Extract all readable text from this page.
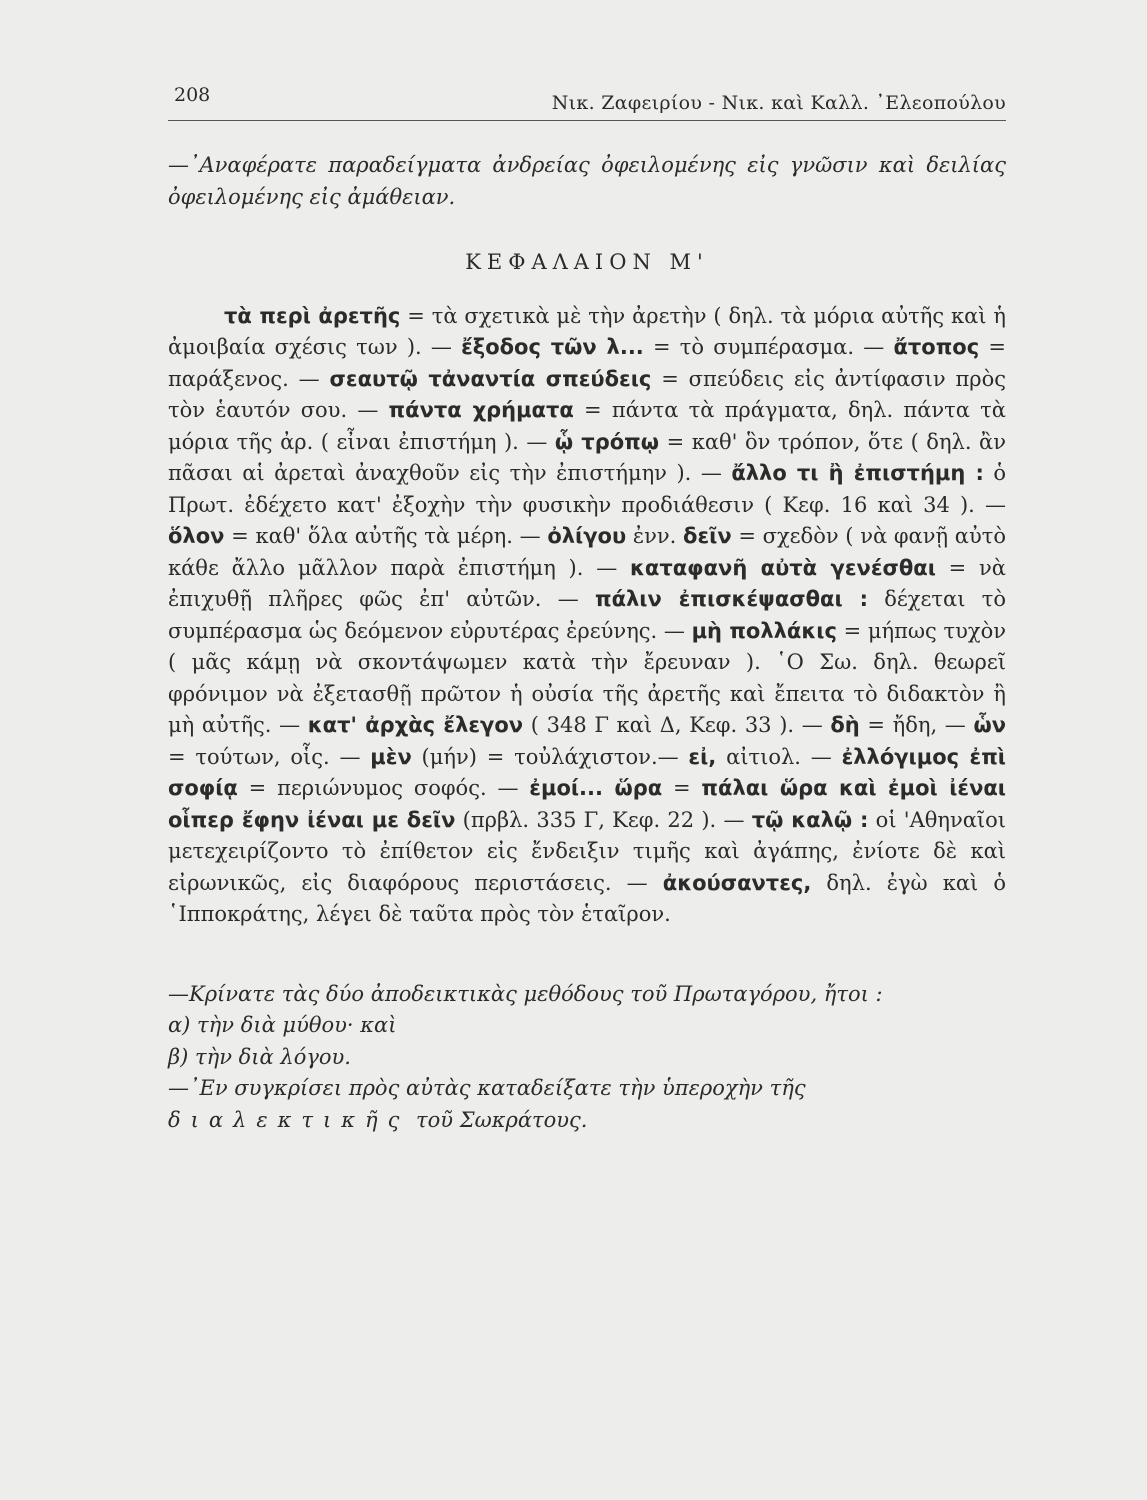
208	Νικ. Ζαφειρίου - Νικ. καὶ Καλλ. ᾿Ελεοπούλου

—᾿Αναφέρατε παραδείγματα ἀνδρείας ὀφειλομένης εἰς γνῶσιν καὶ δειλίας ὀφειλομένης εἰς ἀμάθειαν.

ΚΕΦΑΛΑΙΟΝ Μ'

τὰ περὶ ἀρετῆς = τὰ σχετικὰ μὲ τὴν ἀρετὴν ( δηλ. τὰ μόρια αὐτῆς καὶ ἡ ἀμοιβαία σχέσις των ). — ἔξοδος τῶν λ... = τὸ συμπέρασμα. — ἄτοπος = παράξενος. — σεαυτῷ τἀναντία σπεύδεις = σπεύδεις εἰς ἀντίφασιν πρὸς τὸν ἑαυτόν σου. — πάντα χρήματα = πάντα τὰ πράγματα, δηλ. πάντα τὰ μόρια τῆς ἀρ. ( εἶναι ἐπιστήμη ). — ᾧ τρόπῳ = καθ' ὃν τρόπον, ὅτε ( δηλ. ἂν πᾶσαι αἱ ἀρεταὶ ἀναχθοῦν εἰς τὴν ἐπιστήμην ). — ἄλλο τι ἢ ἐπιστήμη : ὁ Πρωτ. ἐδέχετο κατ' ἐξοχὴν τὴν φυσικὴν προδιάθεσιν ( Κεφ. 16 καὶ 34 ). — ὅλον = καθ' ὅλα αὐτῆς τὰ μέρη. — ὀλίγου ἐνν. δεῖν = σχεδὸν ( νὰ φανῇ αὐτὸ κάθε ἄλλο μᾶλλον παρὰ ἐπιστήμη ). — καταφανῆ αὐτὰ γενέσθαι = νὰ ἐπιχυθῇ πλῆρες φῶς ἐπ' αὐτῶν. — πάλιν ἐπισκέψασθαι : δέχεται τὸ συμπέρασμα ὡς δεόμενον εὐρυτέρας ἐρεύνης. — μὴ πολλάκις = μήπως τυχὸν ( μᾶς κάμῃ νὰ σκοντάψωμεν κατὰ τὴν ἔρευναν ). ῾Ο Σω. δηλ. θεωρεῖ φρόνιμον νὰ ἐξετασθῇ πρῶτον ἡ οὐσία τῆς ἀρετῆς καὶ ἔπειτα τὸ διδακτὸν ἢ μὴ αὐτῆς. — κατ' ἀρχὰς ἔλεγον ( 348 Γ καὶ Δ, Κεφ. 33 ). — δὴ = ἤδη, — ὧν = τούτων, οἷς. — μὲν (μήν) = τοὐλάχιστον.— εἰ, αἰτιολ. — ἐλλόγιμος ἐπὶ σοφίᾳ = περιώνυμος σοφός. — ἐμοί... ὥρα = πάλαι ὥρα καὶ ἐμοὶ ἰέναι οἷπερ ἔφην ἰέναι με δεῖν (πρβλ. 335 Γ, Κεφ. 22 ). — τῷ καλῷ : οἱ 'Αθηναῖοι μετεχειρίζοντο τὸ ἐπίθετον εἰς ἔνδειξιν τιμῆς καὶ ἀγάπης, ἐνίοτε δὲ καὶ εἰρωνικῶς, εἰς διαφόρους περιστάσεις. — ἀκούσαντες, δηλ. ἐγὼ καὶ ὁ ῾Ιπποκράτης, λέγει δὲ ταῦτα πρὸς τὸν ἑταῖρον.

—Κρίνατε τὰς δύο ἀποδεικτικὰς μεθόδους τοῦ Πρωταγόρου, ἤτοι :

α) τὴν διὰ μύθου· καὶ

β) τὴν διὰ λόγου.

—᾿Εν συγκρίσει πρὸς αὐτὰς καταδείξατε τὴν ὑπεροχὴν τῆς διαλεκτικῆς τοῦ Σωκράτους.
